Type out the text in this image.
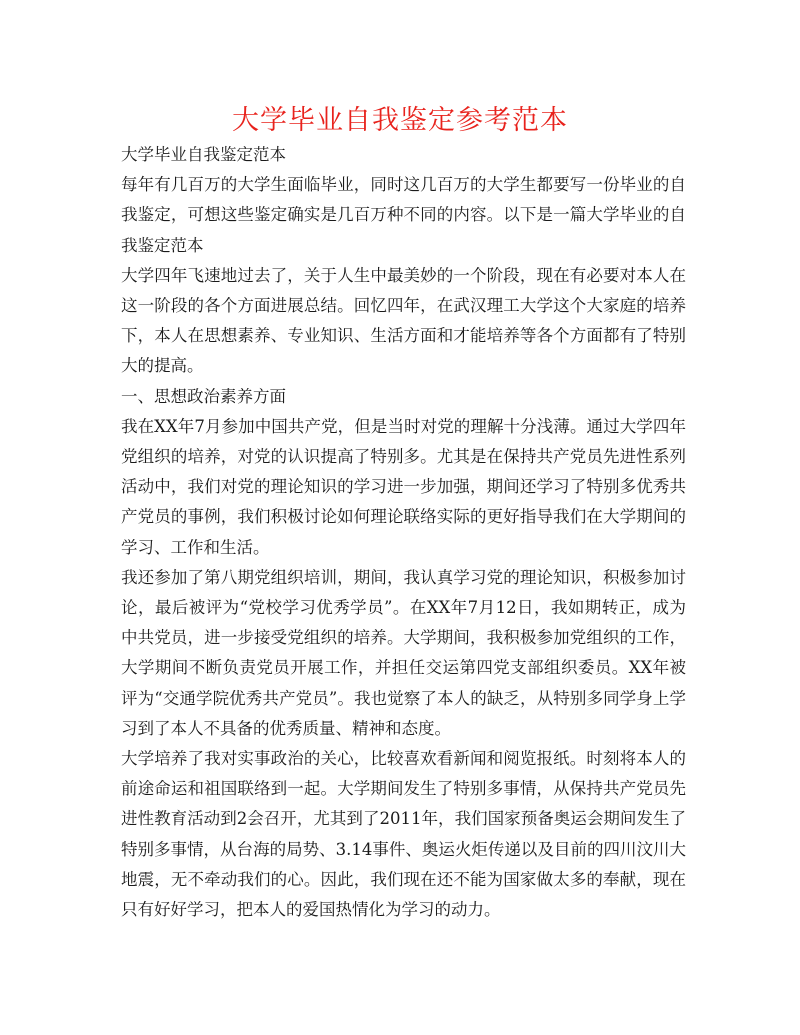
大学毕业自我鉴定参考范本

大学毕业自我鉴定范本

每年有几百万的大学生面临毕业，同时这几百万的大学生都要写一份毕业的自我鉴定，可想这些鉴定确实是几百万种不同的内容。以下是一篇大学毕业的自我鉴定范本

大学四年飞速地过去了，关于人生中最美妙的一个阶段，现在有必要对本人在这一阶段的各个方面进展总结。回忆四年，在武汉理工大学这个大家庭的培养下，本人在思想素养、专业知识、生活方面和才能培养等各个方面都有了特别大的提高。

一、思想政治素养方面

我在XX年7月参加中国共产党，但是当时对党的理解十分浅薄。通过大学四年党组织的培养，对党的认识提高了特别多。尤其是在保持共产党员先进性系列活动中，我们对党的理论知识的学习进一步加强，期间还学习了特别多优秀共产党员的事例，我们积极讨论如何理论联络实际的更好指导我们在大学期间的学习、工作和生活。

我还参加了第八期党组织培训，期间，我认真学习党的理论知识，积极参加讨论，最后被评为“党校学习优秀学员”。在XX年7月12日，我如期转正，成为中共党员，进一步接受党组织的培养。大学期间，我积极参加党组织的工作，大学期间不断负责党员开展工作，并担任交运第四党支部组织委员。XX年被评为“交通学院优秀共产党员”。我也觉察了本人的缺乏，从特别多同学身上学习到了本人不具备的优秀质量、精神和态度。

大学培养了我对实事政治的关心，比较喜欢看新闻和阅览报纸。时刻将本人的前途命运和祖国联络到一起。大学期间发生了特别多事情，从保持共产党员先进性教育活动到2会召开，尤其到了2011年，我们国家预备奥运会期间发生了特别多事情，从台海的局势、3.14事件、奥运火炬传递以及目前的四川汶川大地震，无不牵动我们的心。因此，我们现在还不能为国家做太多的奉献，现在只有好好学习，把本人的爱国热情化为学习的动力。
